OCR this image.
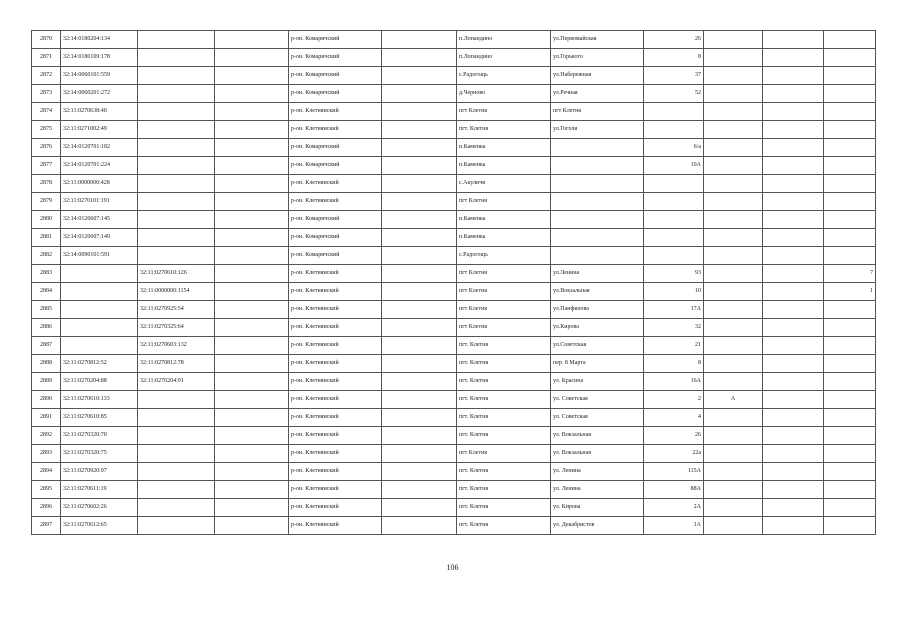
2870	32:14:0180204:134			р-он. Комаричский		п.Лопандино	ул.Первомайская	26			
2871	32:14:0180109:178			р-он. Комаричский		п.Лопандино	ул.Горького	8			
2872	32:14:0060101:559			р-он. Комаричский		с.Радогощь	ул.Набережная	37			
2873	32:14:0060201:272			р-он. Комаричский		д.Черново	ул.Речная	52			
2874	32:11:0270638:40			р-он. Клетнянский		пгт Клетня	пгт Клетня				
2875	32:11:0271002:49			р-он. Клетнянский		пгт. Клетня	ул.Гоголя				
2876	32:14:0120701:182			р-он. Комаричский		п.Каменка		6/a			
2877	32:14:0120701:224			р-он. Комаричский		п.Каменка		10А			
2878	32:11:0000000:428			р-он. Клетнянский		с.Акуличи					
2879	32:11:0270101:191			р-он. Клетнянский		пгт Клетня					
2880	32:14:0120607:145			р-он. Комаричский		п.Каменка					
2881	32:14:0120607:149			р-он. Комаричский		п.Каменка					
2882	32:14:0090101:591			р-он. Комаричский		с.Радогощь					
2883		32:11:0270610:126		р-он. Клетнянский		пгт Клетня	ул.Ленина	93			7
2884		32:11:0000000:1154		р-он. Клетнянский		пгт Клетня	ул.Вокзальная	10			1
2885		32:11:0270925:54		р-он. Клетнянский		пгт Клетня	ул.Панфилова	17А			
2886		32:11:0270325:64		р-он. Клетнянский		пгт Клетня	ул.Кирова	32			
2887		32:11:0270603:132		р-он. Клетнянский		пгт. Клетня	ул.Советская	21			
2888	32:11:0270812:52	32:11:0270812:78		р-он. Клетнянский		пгт. Клетня	пер. 8 Марта	8			
2889	32:11:0270204:88	32:11:0270204:91		р-он. Клетнянский		пгт. Клетня	ул. Красина	16А			
2890	32:11:0270610:133			р-он. Клетнянский		пгт. Клетня	ул. Советская	2	А		
2891	32:11:0270610:85			р-он. Клетнянский		пгт. Клетня	ул. Советская	4			
2892	32:11:0270320:70			р-он. Клетнянский		пгт. Клетня	ул. Вокзальная	26			
2893	32:11:0270320:75			р-он. Клетнянский		пгт Клетня	ул. Вокзальная	22а			
2894	32:11:0270920:97			р-он. Клетнянский		пгт. Клетня	ул. Ленина	115А			
2895	32:11:0270611:19			р-он. Клетнянский		пгт. Клетня	ул. Ленина	88А			
2896	32:11:0270602:26			р-он. Клетнянский		пгт. Клетня	ул. Кирова	2А			
2897	32:11:0270612:65			р-он. Клетнянский		пгт. Клетня	ул. Декабристов	1А			
106
